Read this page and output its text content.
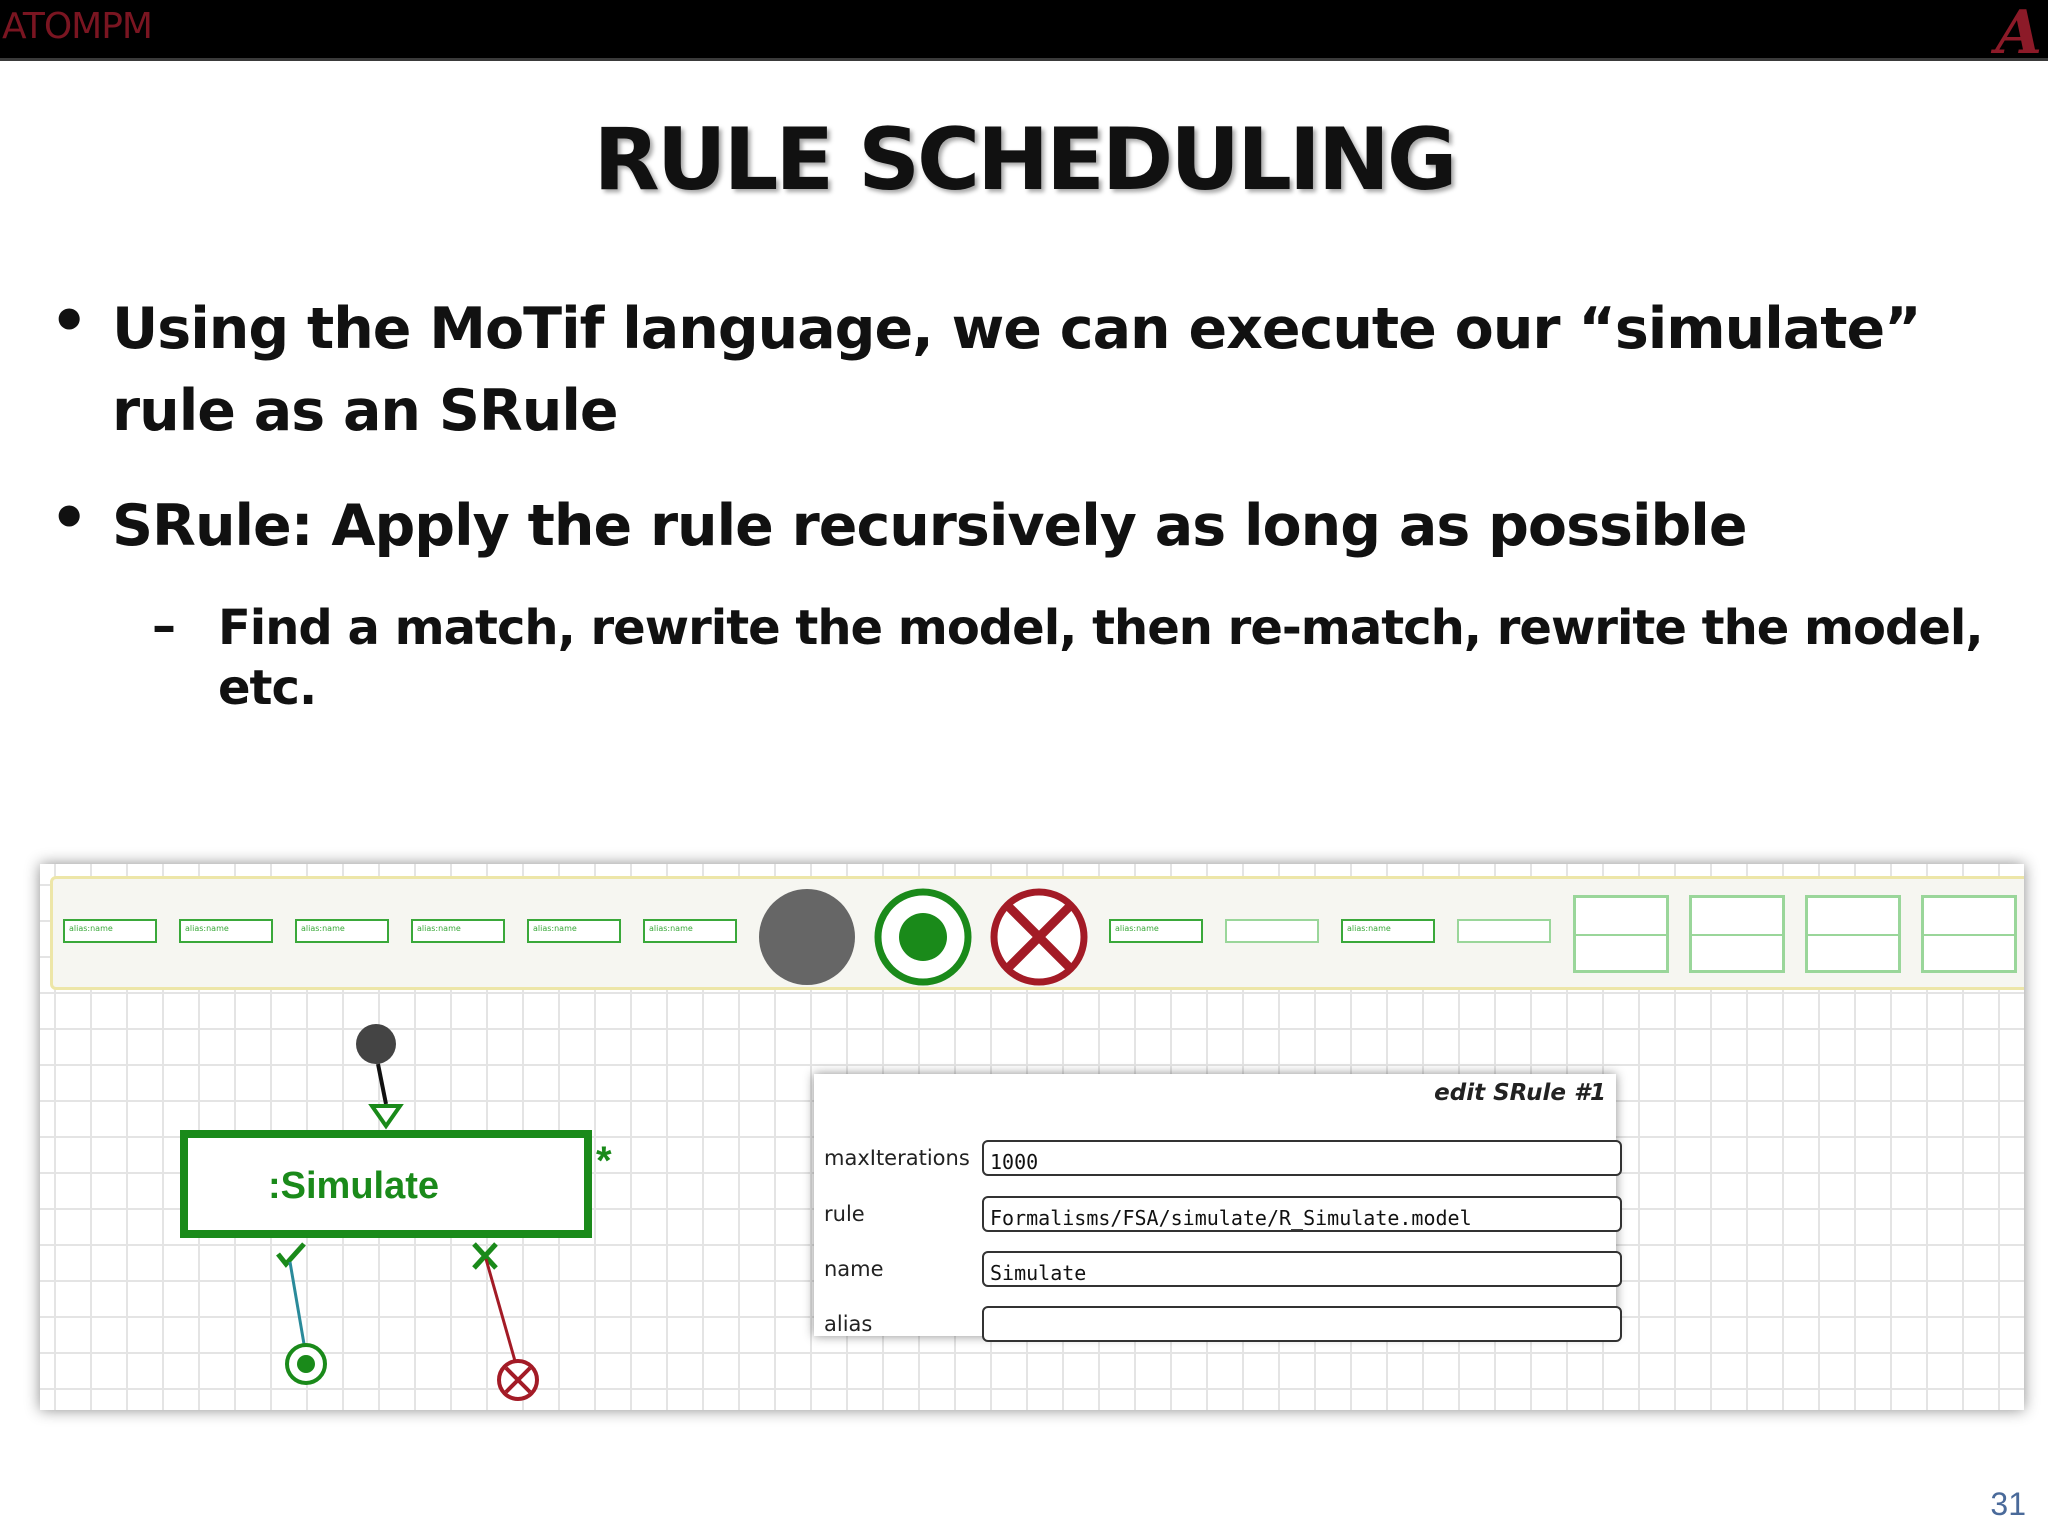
ATOMPM	A
RULE SCHEDULING
• Using the MoTif language, we can execute our “simulate” rule as an SRule
• SRule: Apply the rule recursively as long as possible
– Find a match, rewrite the model, then re-match, rewrite the model, etc.
alias:name	alias:name	alias:name	alias:name	alias:name	alias:name	alias:name	alias:name
:Simulate
*
edit SRule #1
maxIterations	1000
rule	Formalisms/FSA/simulate/R_Simulate.model
name	Simulate
alias
31
